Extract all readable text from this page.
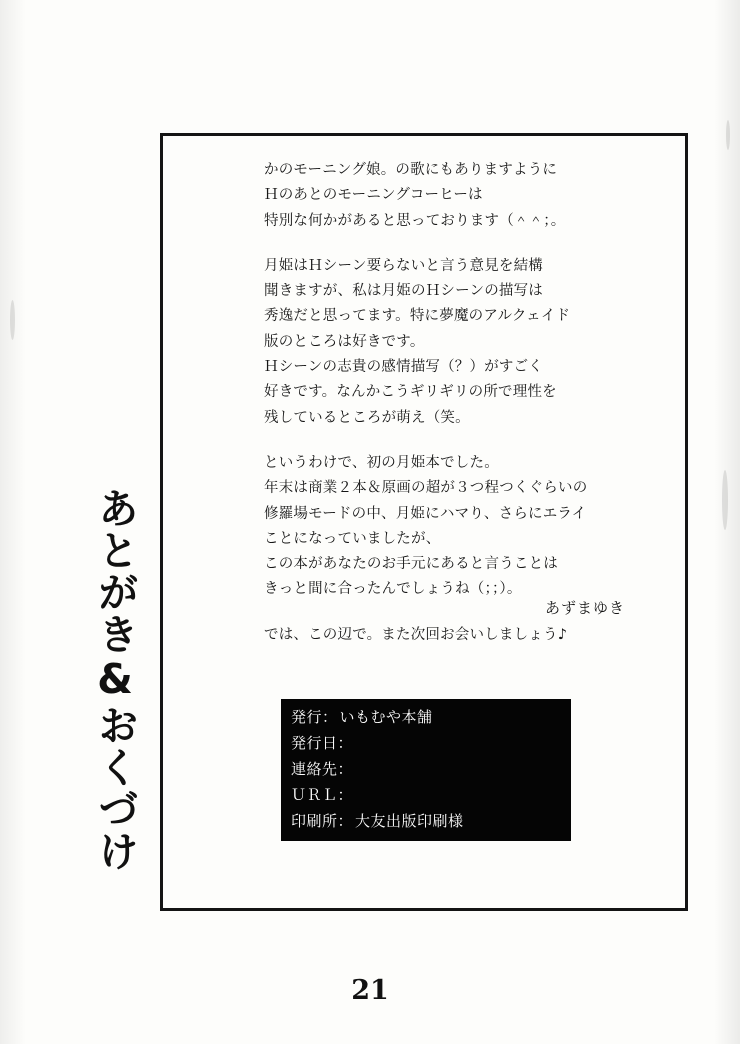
あとがき&おくづけ
かのモーニング娘。の歌にもありますように
Ｈのあとのモーニングコーヒーは
特別な何かがあると思っております（＾＾；。
月姫はＨシーン要らないと言う意見を結構
聞きますが、私は月姫のＨシーンの描写は
秀逸だと思ってます。特に夢魔のアルクェイド
版のところは好きです。
Ｈシーンの志貴の感情描写（？）がすごく
好きです。なんかこうギリギリの所で理性を
残しているところが萌え（笑。
というわけで、初の月姫本でした。
年末は商業２本＆原画の超が３つ程つくぐらいの
修羅場モードの中、月姫にハマり、さらにエライ
ことになっていましたが、
この本があなたのお手元にあると言うことは
きっと間に合ったんでしょうね（；；）。
では、この辺で。また次回お会いしましょう♪
あずまゆき
発行： いもむや本舗
発行日：
連絡先：
ＵＲＬ：
印刷所： 大友出版印刷様
21
